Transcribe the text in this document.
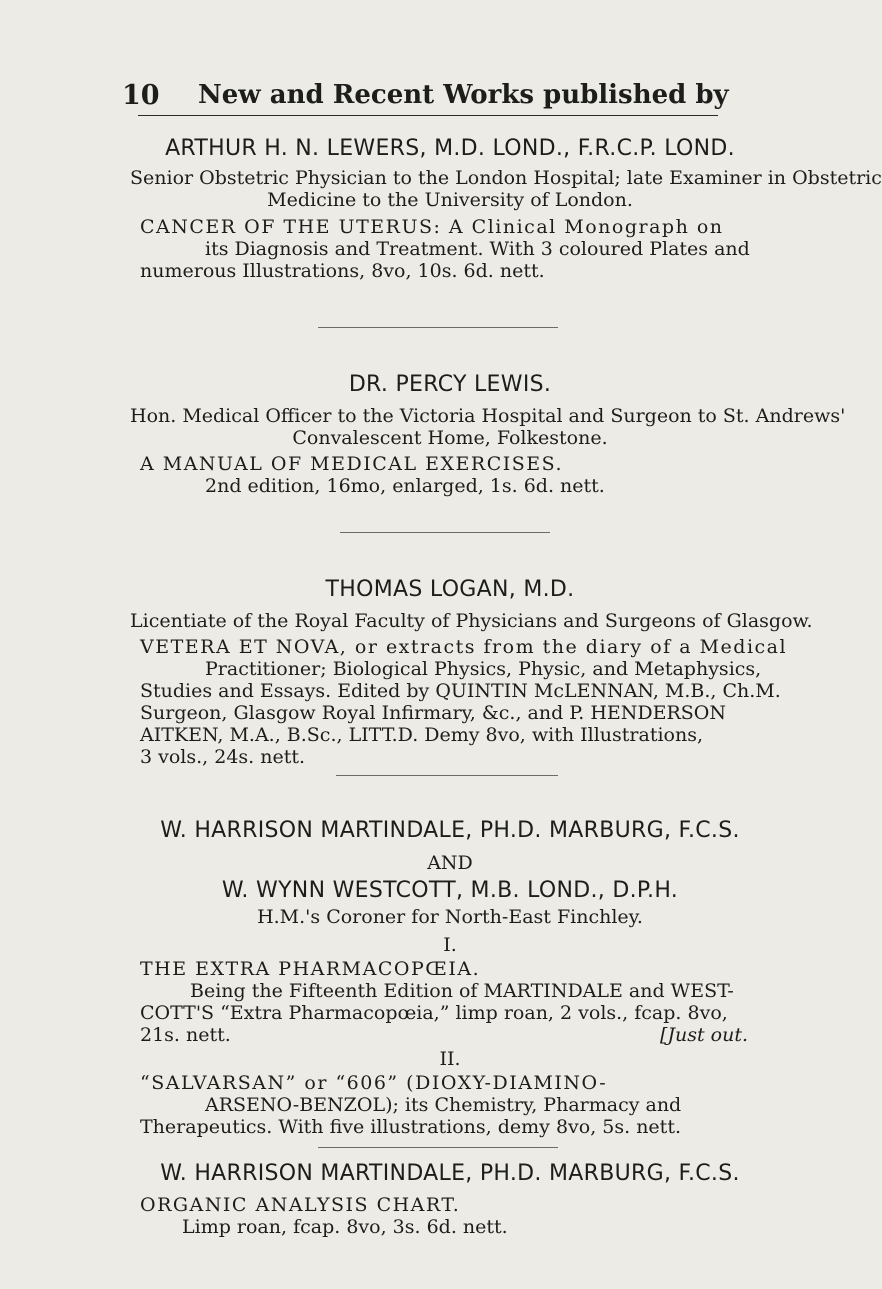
10 New and Recent Works published by
ARTHUR H. N. LEWERS, M.D. LOND., F.R.C.P. LOND.
Senior Obstetric Physician to the London Hospital; late Examiner in Obstetric
Medicine to the University of London.

CANCER OF THE UTERUS: A Clinical Monograph on

its Diagnosis and Treatment. With 3 coloured Plates and

numerous Illustrations, 8vo, 10s. 6d. nett.

DR. PERCY LEWIS.
Hon. Medical Officer to the Victoria Hospital and Surgeon to St. Andrews'
Convalescent Home, Folkestone.

A MANUAL OF MEDICAL EXERCISES.

2nd edition, 16mo, enlarged, 1s. 6d. nett.

THOMAS LOGAN, M.D.
Licentiate of the Royal Faculty of Physicians and Surgeons of Glasgow.

VETERA ET NOVA, or extracts from the diary of a Medical

Practitioner; Biological Physics, Physic, and Metaphysics,

Studies and Essays. Edited by QUINTIN McLENNAN, M.B., Ch.M.

Surgeon, Glasgow Royal Infirmary, &c., and P. HENDERSON

AITKEN, M.A., B.Sc., LITT.D. Demy 8vo, with Illustrations,

3 vols., 24s. nett.

W. HARRISON MARTINDALE, PH.D. MARBURG, F.C.S.
AND
W. WYNN WESTCOTT, M.B. LOND., D.P.H.
H.M.'s Coroner for North-East Finchley.
I.

THE EXTRA PHARMACOPŒIA.

Being the Fifteenth Edition of MARTINDALE and WEST-

COTT'S “Extra Pharmacopœia,” limp roan, 2 vols., fcap. 8vo,

21s. nett.	[Just out.

II.

“SALVARSAN” or “606” (DIOXY-DIAMINO-

ARSENO-BENZOL); its Chemistry, Pharmacy and

Therapeutics. With five illustrations, demy 8vo, 5s. nett.

W. HARRISON MARTINDALE, PH.D. MARBURG, F.C.S.

ORGANIC ANALYSIS CHART.

Limp roan, fcap. 8vo, 3s. 6d. nett.
